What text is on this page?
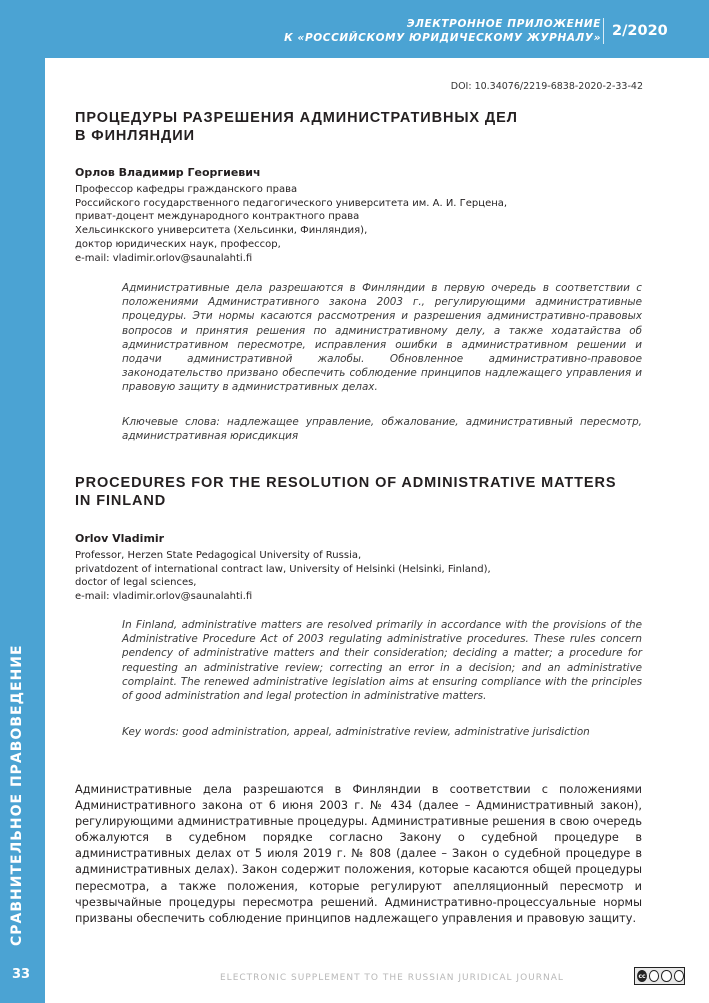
ЭЛЕКТРОННОЕ ПРИЛОЖЕНИЕ
К «РОССИЙСКОМУ ЮРИДИЧЕСКОМУ ЖУРНАЛУ» 2/2020
СРАВНИТЕЛЬНОЕ ПРАВОВЕДЕНИЕ
33
DOI: 10.34076/2219-6838-2020-2-33-42
ПРОЦЕДУРЫ РАЗРЕШЕНИЯ АДМИНИСТРАТИВНЫХ ДЕЛ
В ФИНЛЯНДИИ
Орлов Владимир Георгиевич
Профессор кафедры гражданского права
Российского государственного педагогического университета им. А. И. Герцена,
приват-доцент международного контрактного права
Хельсинкского университета (Хельсинки, Финляндия),
доктор юридических наук, профессор,
e-mail: vladimir.orlov@saunalahti.fi
Административные дела разрешаются в Финляндии в первую очередь в соответствии с положениями Административного закона 2003 г., регулирующими административные процедуры. Эти нормы касаются рассмотрения и разрешения административно-правовых вопросов и принятия решения по административному делу, а также ходатайства об административном пересмотре, исправления ошибки в административном решении и подачи административной жалобы. Обновленное административно-правовое законодательство призвано обеспечить соблюдение принципов надлежащего управления и правовую защиту в административных делах.
Ключевые слова: надлежащее управление, обжалование, административный пересмотр, административная юрисдикция
PROCEDURES FOR THE RESOLUTION OF ADMINISTRATIVE MATTERS
IN FINLAND
Orlov Vladimir
Professor, Herzen State Pedagogical University of Russia,
privatdozent of international contract law, University of Helsinki (Helsinki, Finland),
doctor of legal sciences,
e-mail: vladimir.orlov@saunalahti.fi
In Finland, administrative matters are resolved primarily in accordance with the provisions of the Administrative Procedure Act of 2003 regulating administrative procedures. These rules concern pendency of administrative matters and their consideration; deciding a matter; a procedure for requesting an administrative review; correcting an error in a decision; and an administrative complaint. The renewed administrative legislation aims at ensuring compliance with the principles of good administration and legal protection in administrative matters.
Key words: good administration, appeal, administrative review, administrative jurisdiction
Административные дела разрешаются в Финляндии в соответствии с положениями Административного закона от 6 июня 2003 г. № 434 (далее – Административный закон), регулирующими административные процедуры. Административные решения в свою очередь обжалуются в судебном порядке согласно Закону о судебной процедуре в административных делах от 5 июля 2019 г. № 808 (далее – Закон о судебной процедуре в административных делах). Закон содержит положения, которые касаются общей процедуры пересмотра, а также положения, которые регулируют апелляционный пересмотр и чрезвычайные процедуры пересмотра решений. Административно-процессуальные нормы призваны обеспечить соблюдение принципов надлежащего управления и правовую защиту.
ELECTRONIC SUPPLEMENT TO THE RUSSIAN JURIDICAL JOURNAL	cc
